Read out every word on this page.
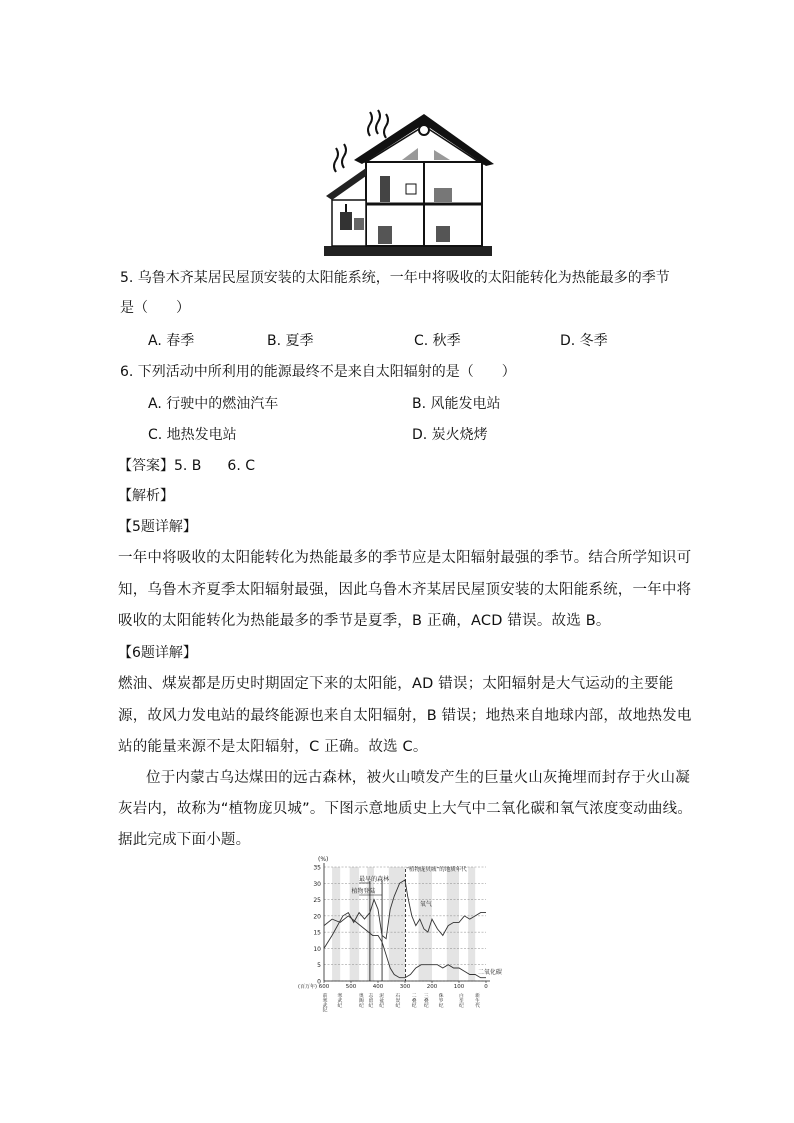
5. 乌鲁木齐某居民屋顶安装的太阳能系统，一年中将吸收的太阳能转化为热能最多的季节
是（　　）
A. 春季	B. 夏季	C. 秋季	D. 冬季
6. 下列活动中所利用的能源最终不是来自太阳辐射的是（　　）
A. 行驶中的燃油汽车	B. 风能发电站
C. 地热发电站	D. 炭火烧烤
【答案】5. B 6. C
【解析】
【5题详解】
一年中将吸收的太阳能转化为热能最多的季节应是太阳辐射最强的季节。结合所学知识可
知，乌鲁木齐夏季太阳辐射最强，因此乌鲁木齐某居民屋顶安装的太阳能系统，一年中将
吸收的太阳能转化为热能最多的季节是夏季，B 正确，ACD 错误。故选 B。
【6题详解】
燃油、煤炭都是历史时期固定下来的太阳能，AD 错误；太阳辐射是大气运动的主要能
源，故风力发电站的最终能源也来自太阳辐射，B 错误；地热来自地球内部，故地热发电
站的能量来源不是太阳辐射，C 正确。故选 C。
位于内蒙古乌达煤田的远古森林，被火山喷发产生的巨量火山灰掩埋而封存于火山凝
灰岩内，故称为“植物庞贝城”。下图示意地质史上大气中二氧化碳和氧气浓度变动曲线。
据此完成下面小题。
0
5
10
15
20
25
30
35
(%)
(百万年) 600	500	400	300	200	100	0
最早的森林
植物登陆
“植物庞贝城”的地质年代
氧气
二氧化碳
寒武纪	奥陶纪 志留纪 泥盆纪 石炭纪 二叠纪 三叠纪 侏罗纪	白垩纪 新生代
前寒武纪
